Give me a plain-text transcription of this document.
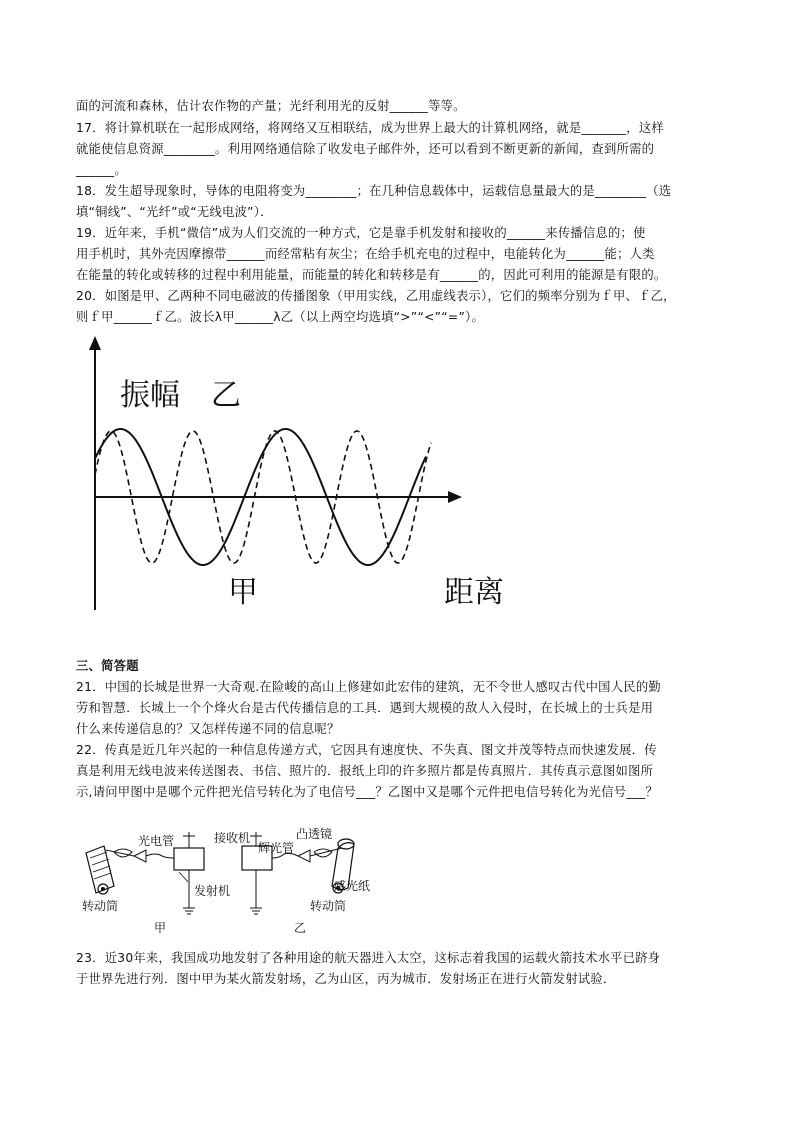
面的河流和森林，估计农作物的产量；光纤利用光的反射______等等。
17．将计算机联在一起形成网络，将网络又互相联结，成为世界上最大的计算机网络，就是_______，这样
就能使信息资源________。利用网络通信除了收发电子邮件外，还可以看到不断更新的新闻，查到所需的
______。
18．发生超导现象时，导体的电阻将变为________；在几种信息载体中，运载信息量最大的是________（选
填“铜线”、“光纤”或“无线电波”）．
19．近年来，手机“微信”成为人们交流的一种方式，它是靠手机发射和接收的______来传播信息的；使
用手机时，其外壳因摩擦带______而经常粘有灰尘；在给手机充电的过程中，电能转化为______能；人类
在能量的转化或转移的过程中利用能量，而能量的转化和转移是有______的，因此可利用的能源是有限的。
20．如图是甲、乙两种不同电磁波的传播图象（甲用实线，乙用虚线表示），它们的频率分别为ｆ甲、ｆ乙，
则ｆ甲______ｆ乙。波长λ甲______λ乙（以上两空均选填“>”“<”“=”）。
振幅 乙
甲	距离
三、简答题
21．中国的长城是世界一大奇观.在险峻的高山上修建如此宏伟的建筑，无不令世人感叹古代中国人民的勤
劳和智慧．长城上一个个烽火台是古代传播信息的工具．遇到大规模的敌人入侵时，在长城上的士兵是用
什么来传递信息的？又怎样传递不同的信息呢？
22．传真是近几年兴起的一种信息传递方式，它因具有速度快、不失真、图文并茂等特点而快速发展．传
真是利用无线电波来传送图表、书信、照片的．报纸上印的许多照片都是传真照片．其传真示意图如图所
示,请问甲图中是哪个元件把光信号转化为了电信号___？乙图中又是哪个元件把电信号转化为光信号___？
光电管
发射机
转动筒
甲
接收机
辉光管
凸透镜
感光纸
转动筒
乙
23．近30年来，我国成功地发射了各种用途的航天器进入太空，这标志着我国的运载火箭技术水平已跻身
于世界先进行列．图中甲为某火箭发射场，乙为山区，丙为城市．发射场正在进行火箭发射试验．
